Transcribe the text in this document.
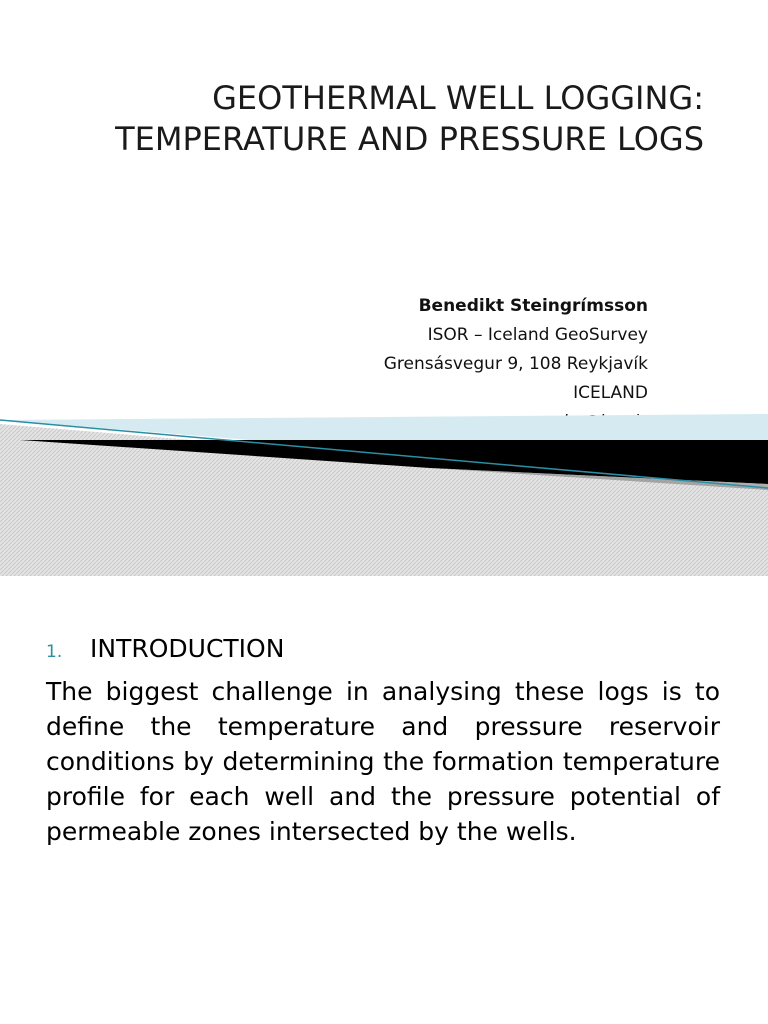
GEOTHERMAL WELL LOGGING:
TEMPERATURE AND PRESSURE LOGS
Benedikt Steingrímsson
ISOR – Iceland GeoSurvey
Grensásvegur 9, 108 Reykjavík
ICELAND
1.	INTRODUCTION

The biggest challenge in analysing these logs is to define the temperature and pressure reservoir conditions by determining the formation temperature profile for each well and the pressure potential of permeable zones intersected by the wells.
